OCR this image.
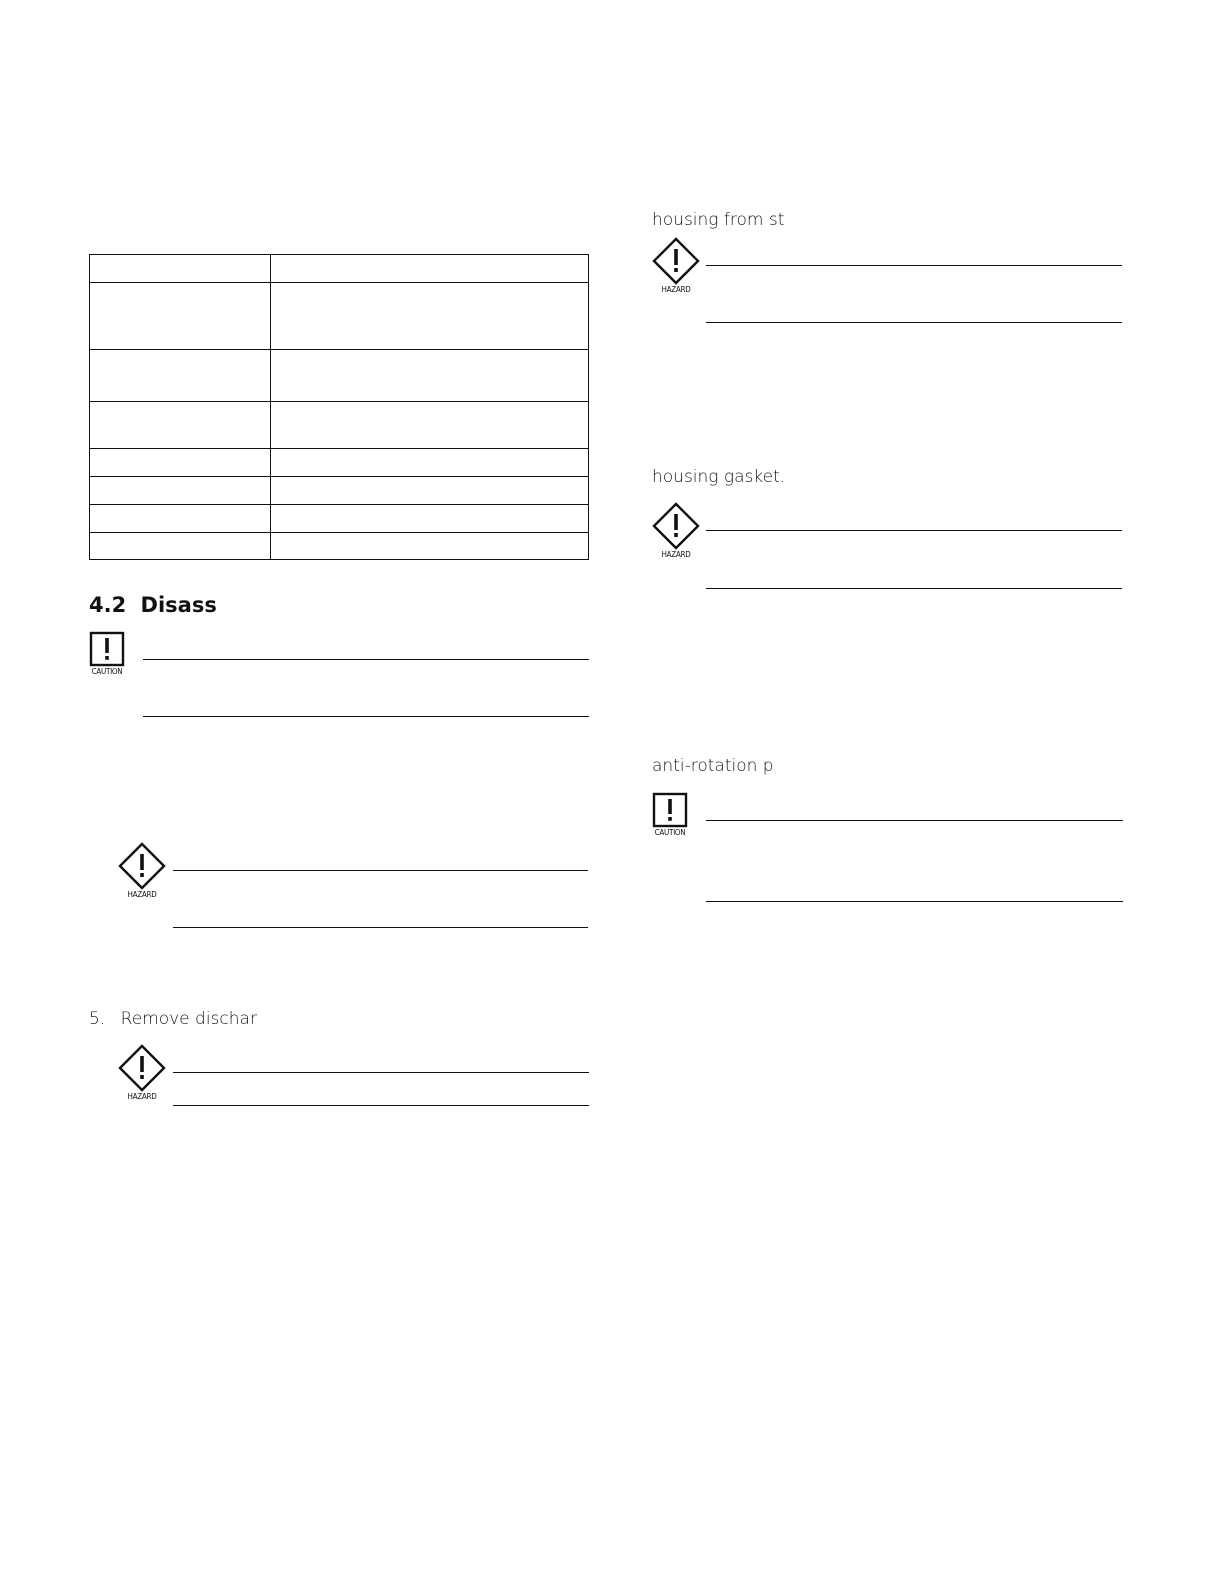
4.2 Disass
CAUTION
HAZARD
5. Remove dischar
HAZARD
housing from st
HAZARD
housing gasket.
HAZARD
anti-rotation p
CAUTION
